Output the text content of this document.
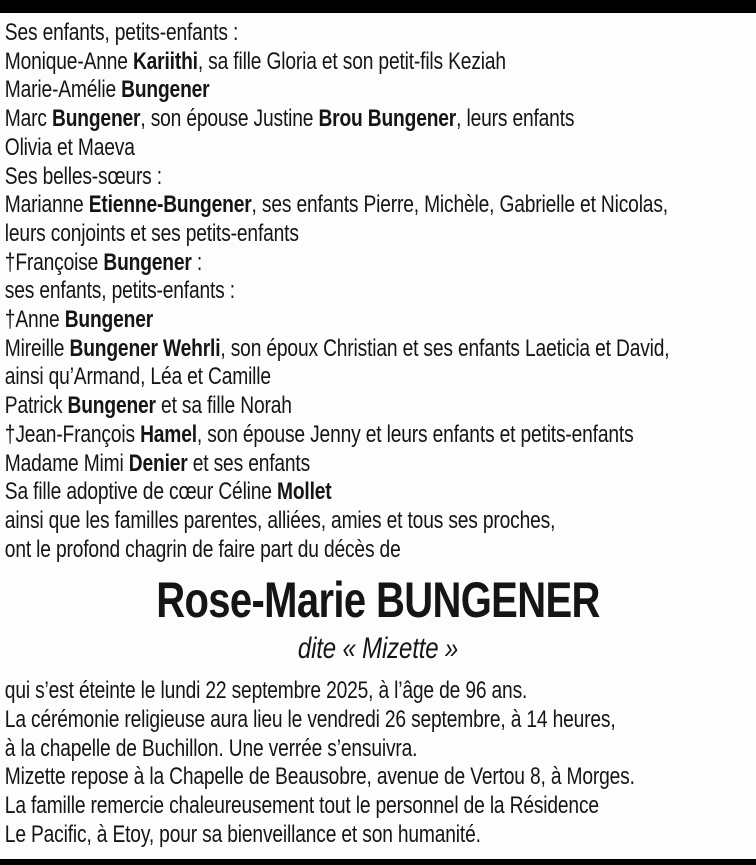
Ses enfants, petits-enfants :
Monique-Anne Kariithi, sa fille Gloria et son petit-fils Keziah
Marie-Amélie Bungener
Marc Bungener, son épouse Justine Brou Bungener, leurs enfants
Olivia et Maeva
Ses belles-sœurs :
Marianne Etienne-Bungener, ses enfants Pierre, Michèle, Gabrielle et Nicolas,
leurs conjoints et ses petits-enfants
†Françoise Bungener :
ses enfants, petits-enfants :
†Anne Bungener
Mireille Bungener Wehrli, son époux Christian et ses enfants Laeticia et David,
ainsi qu’Armand, Léa et Camille
Patrick Bungener et sa fille Norah
†Jean-François Hamel, son épouse Jenny et leurs enfants et petits-enfants
Madame Mimi Denier et ses enfants
Sa fille adoptive de cœur Céline Mollet
ainsi que les familles parentes, alliées, amies et tous ses proches,
ont le profond chagrin de faire part du décès de
Rose-Marie BUNGENER
dite « Mizette »
qui s’est éteinte le lundi 22 septembre 2025, à l’âge de 96 ans.
La cérémonie religieuse aura lieu le vendredi 26 septembre, à 14 heures,
à la chapelle de Buchillon. Une verrée s’ensuivra.
Mizette repose à la Chapelle de Beausobre, avenue de Vertou 8, à Morges.
La famille remercie chaleureusement tout le personnel de la Résidence
Le Pacific, à Etoy, pour sa bienveillance et son humanité.
